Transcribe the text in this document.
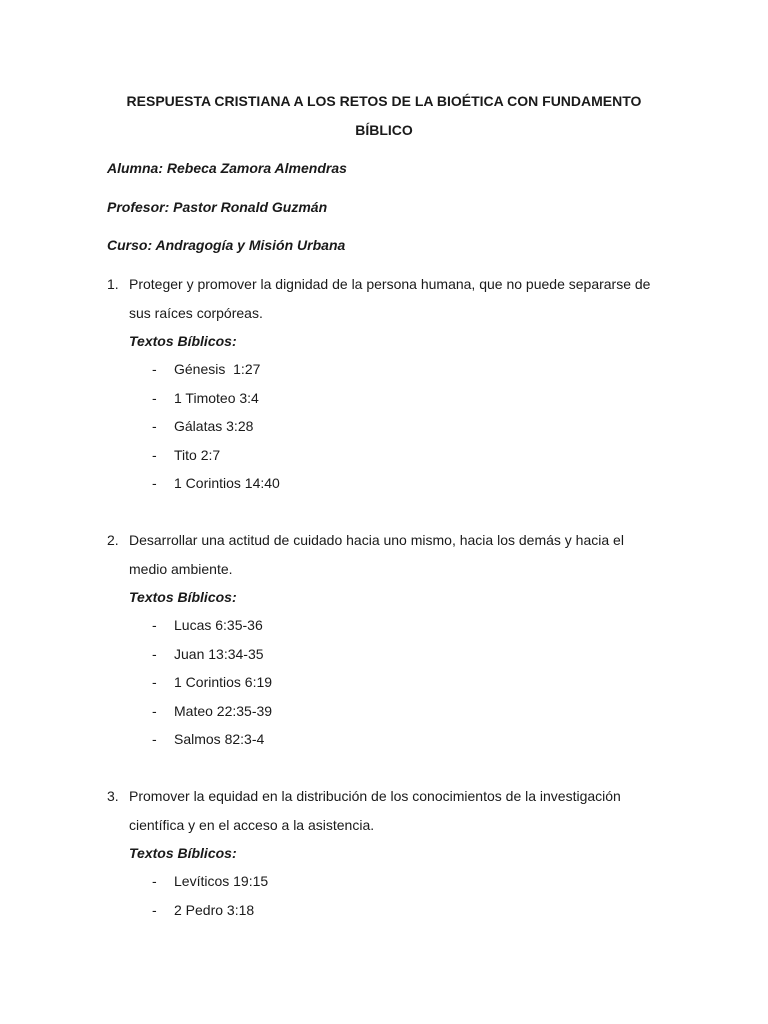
RESPUESTA CRISTIANA A LOS RETOS DE LA BIOÉTICA CON FUNDAMENTO
BÍBLICO
Alumna: Rebeca Zamora Almendras
Profesor: Pastor Ronald Guzmán
Curso: Andragogía y Misión Urbana
1. Proteger y promover la dignidad de la persona humana, que no puede separarse de sus raíces corpóreas.
Textos Bíblicos:
- Génesis  1:27
- 1 Timoteo 3:4
- Gálatas 3:28
- Tito 2:7
- 1 Corintios 14:40
2. Desarrollar una actitud de cuidado hacia uno mismo, hacia los demás y hacia el medio ambiente.
Textos Bíblicos:
- Lucas 6:35-36
- Juan 13:34-35
- 1 Corintios 6:19
- Mateo 22:35-39
- Salmos 82:3-4
3. Promover la equidad en la distribución de los conocimientos de la investigación científica y en el acceso a la asistencia.
Textos Bíblicos:
- Levíticos 19:15
- 2 Pedro 3:18
